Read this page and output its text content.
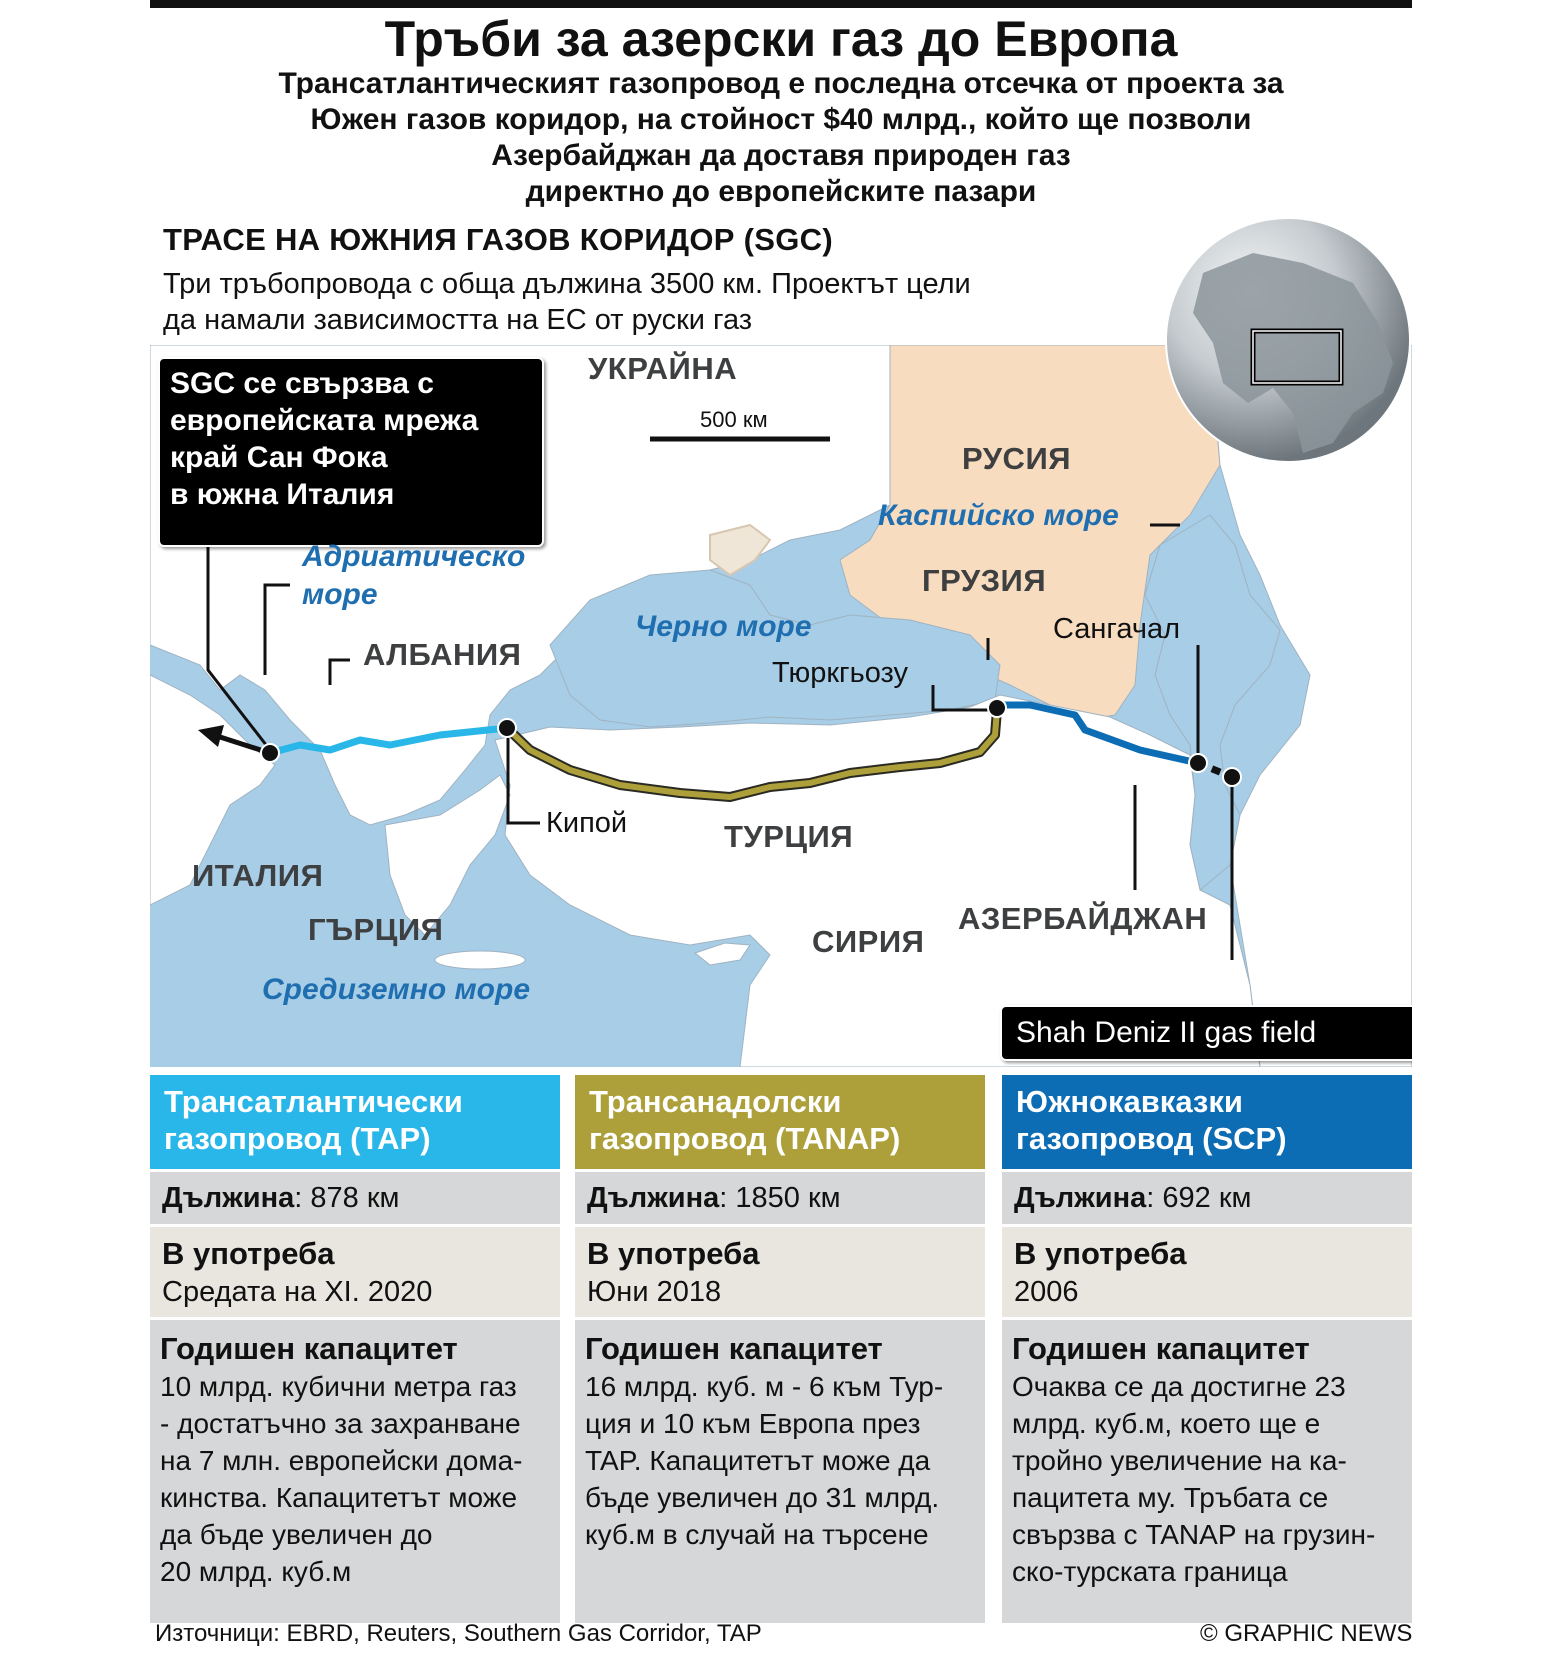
Тръби за азерски газ до Европа

Трансатлантическият газопровод е последна отсечка от проекта за
Южен газов коридор, на стойност $40 млрд., който ще позволи
Азербайджан да доставя природен газ
директно до европейските пазари

ТРАСЕ НА ЮЖНИЯ ГАЗОВ КОРИДОР (SGC)

Три тръбопровода с обща дължина 3500 км. Проектът цели
да намали зависимостта на ЕС от руски газ

SGC се свързва с
европейската мрежа
край Сан Фока
в южна Италия
500 км
УКРАЙНА
РУСИЯ
ГРУЗИЯ
АЛБАНИЯ
ИТАЛИЯ
ГЪРЦИЯ
ТУРЦИЯ
СИРИЯ
АЗЕРБАЙДЖАН
Адриатическо
море
Черно море
Каспийско море
Средиземно море
Кипой
Тюркгьозу
Сангачал
Shah Deniz II gas field
Трансатлантически
газопровод (TAP)
Дължина: 878 км
В употреба
Средата на XI. 2020
Годишен капацитет
10 млрд. кубични метра газ
- достатъчно за захранване
на 7 млн. европейски дома-
кинства. Капацитетът може
да бъде увеличен до
20 млрд. куб.м
Трансанадолски
газопровод (TANAP)
Дължина: 1850 км
В употреба
Юни 2018
Годишен капацитет
16 млрд. куб. м - 6 към Тур-
ция и 10 към Европа през
TAP. Капацитетът може да
бъде увеличен до 31 млрд.
куб.м в случай на търсене
Южнокавказки
газопровод (SCP)
Дължина: 692 км
В употреба
2006
Годишен капацитет
Очаква се да достигне 23
млрд. куб.м, което ще е
тройно увеличение на ка-
пацитета му. Тръбата се
свързва с TANAP на грузин-
ско-турската граница

Източници: EBRD, Reuters, Southern Gas Corridor, TAP	© GRAPHIC NEWS
